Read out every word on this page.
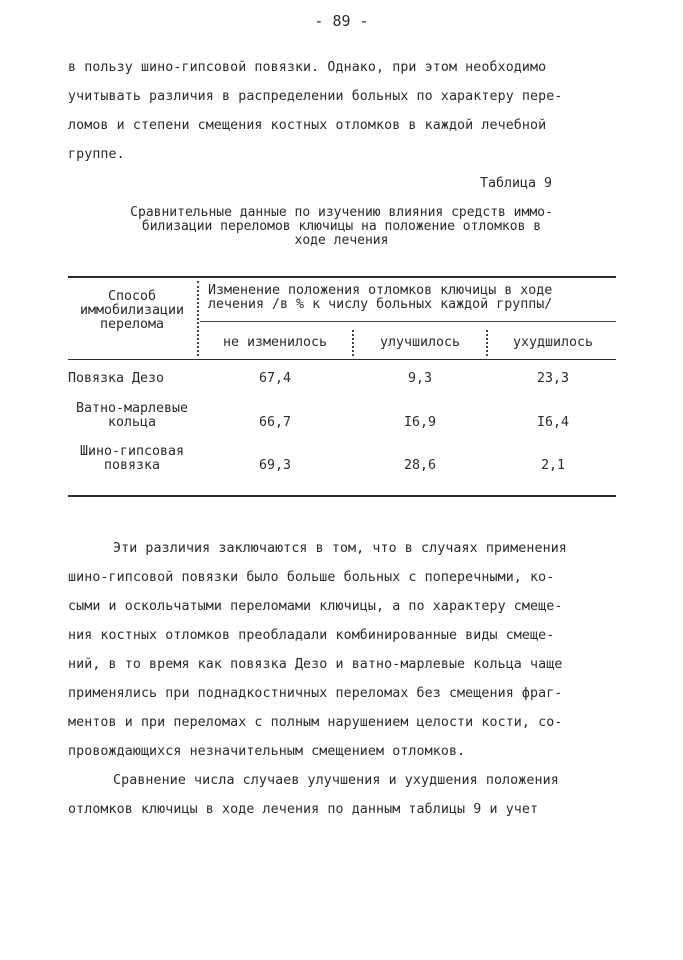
- 89 -
в пользу шино-гипсовой повязки. Однако, при этом необходимо
учитывать различия в распределении больных по характеру пере-
ломов и степени смещения костных отломков в каждой лечебной
группе.
Таблица 9
Сравнительные данные по изучению влияния средств иммо-
билизации переломов ключицы на положение отломков в
ходе лечения
Способ
иммобилизации
перелома
Изменение положения отломков ключицы в ходе
лечения /в % к числу больных каждой группы/
не изменилось	улучшилось	ухудшилось
Повязка Дезо	67,4	9,3	23,3
Ватно-марлевые
кольца	66,7	I6,9	I6,4
Шино-гипсовая
повязка	69,3	28,6	2,1
Эти различия заключаются в том, что в случаях применения
шино-гипсовой повязки было больше больных с поперечными, ко-
сыми и оскольчатыми переломами ключицы, а по характеру смеще-
ния костных отломков преобладали комбинированные виды смеще-
ний, в то время как повязка Дезо и ватно-марлевые кольца чаще
применялись при поднадкостничных переломах без смещения фраг-
ментов и при переломах с полным нарушением целости кости, со-
провождающихся незначительным смещением отломков.
Сравнение числа случаев улучшения и ухудшения положения
отломков ключицы в ходе лечения по данным таблицы 9 и учет
